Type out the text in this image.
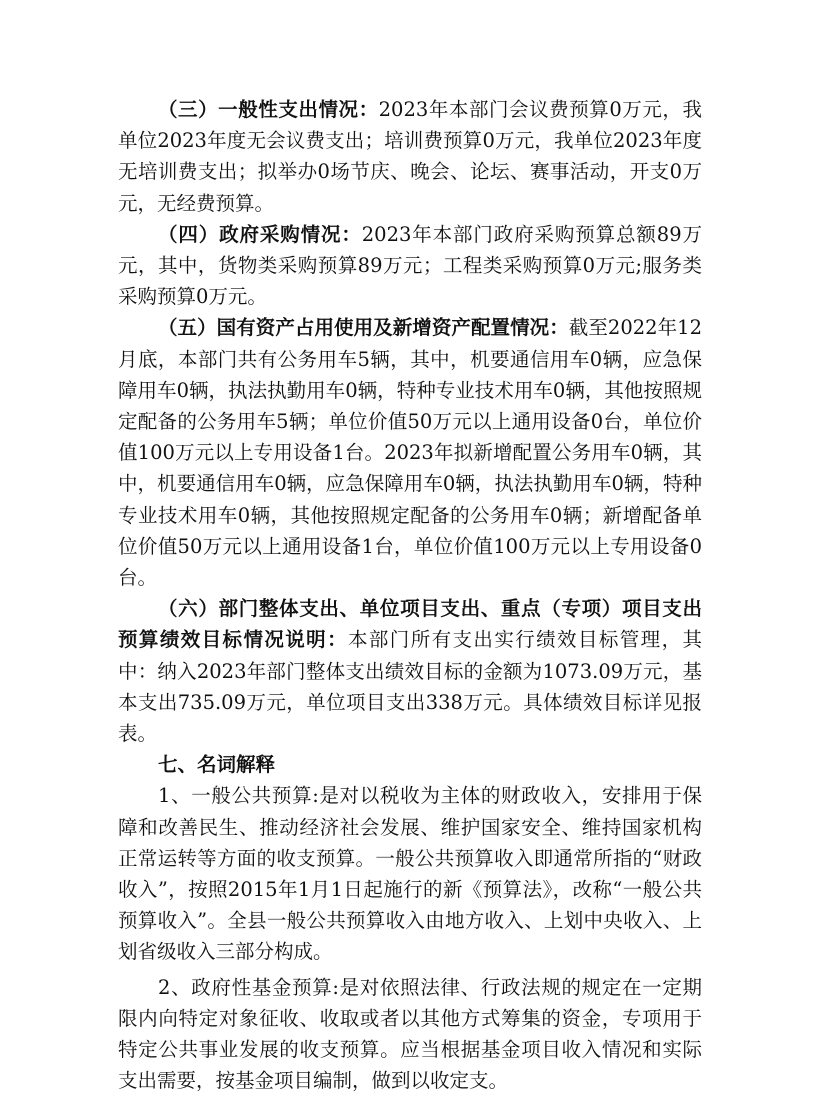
（三）一般性支出情况：2023年本部门会议费预算0万元，我单位2023年度无会议费支出；培训费预算0万元，我单位2023年度无培训费支出；拟举办0场节庆、晚会、论坛、赛事活动，开支0万元，无经费预算。

（四）政府采购情况：2023年本部门政府采购预算总额89万元，其中，货物类采购预算89万元；工程类采购预算0万元;服务类采购预算0万元。

（五）国有资产占用使用及新增资产配置情况：截至2022年12月底，本部门共有公务用车5辆，其中，机要通信用车0辆，应急保障用车0辆，执法执勤用车0辆，特种专业技术用车0辆，其他按照规定配备的公务用车5辆；单位价值50万元以上通用设备0台，单位价值100万元以上专用设备1台。2023年拟新增配置公务用车0辆，其中，机要通信用车0辆，应急保障用车0辆，执法执勤用车0辆，特种专业技术用车0辆，其他按照规定配备的公务用车0辆；新增配备单位价值50万元以上通用设备1台，单位价值100万元以上专用设备0台。

（六）部门整体支出、单位项目支出、重点（专项）项目支出预算绩效目标情况说明：本部门所有支出实行绩效目标管理，其中：纳入2023年部门整体支出绩效目标的金额为1073.09万元，基本支出735.09万元，单位项目支出338万元。具体绩效目标详见报表。

七、名词解释

1、一般公共预算:是对以税收为主体的财政收入，安排用于保障和改善民生、推动经济社会发展、维护国家安全、维持国家机构正常运转等方面的收支预算。一般公共预算收入即通常所指的“财政收入”，按照2015年1月1日起施行的新《预算法》，改称“一般公共预算收入”。全县一般公共预算收入由地方收入、上划中央收入、上划省级收入三部分构成。

2、政府性基金预算:是对依照法律、行政法规的规定在一定期限内向特定对象征收、收取或者以其他方式筹集的资金，专项用于特定公共事业发展的收支预算。应当根据基金项目收入情况和实际支出需要，按基金项目编制，做到以收定支。
